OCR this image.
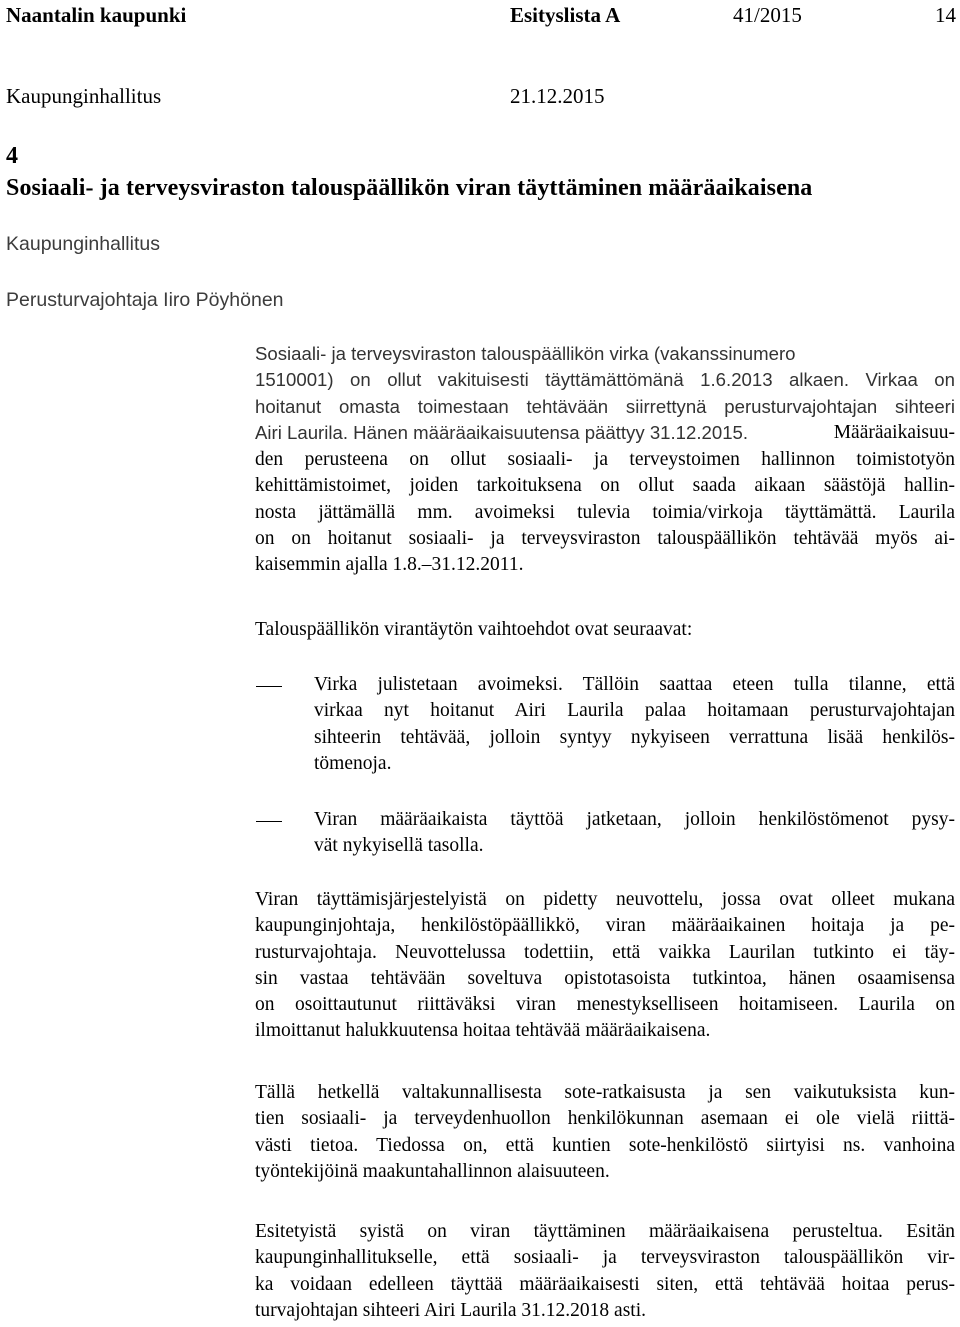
Naantalin kaupunki	Esityslista A	41/2015	14
Kaupunginhallitus	21.12.2015
4
Sosiaali- ja terveysviraston talouspäällikön viran täyttäminen määräaikaisena
Kaupunginhallitus
Perusturvajohtaja Iiro Pöyhönen
Sosiaali- ja terveysviraston talouspäällikön virka (vakanssinumero
1510001) on ollut vakituisesti täyttämättömänä 1.6.2013 alkaen. Virkaa on
hoitanut omasta toimestaan tehtävään siirrettynä perusturvajohtajan sihteeri
Airi Laurila. Hänen määräaikaisuutensa päättyy 31.12.2015.	Määräaikaisuu-
den perusteena on ollut sosiaali- ja terveystoimen hallinnon toimistotyön
kehittämistoimet, joiden tarkoituksena on ollut saada aikaan säästöjä hallin-
nosta jättämällä mm. avoimeksi tulevia toimia/virkoja täyttämättä. Laurila
on on hoitanut sosiaali- ja terveysviraston talouspäällikön tehtävää myös ai-
kaisemmin ajalla 1.8.–31.12.2011.
Talouspäällikön virantäytön vaihtoehdot ovat seuraavat:
Virka julistetaan avoimeksi. Tällöin saattaa eteen tulla tilanne, että
virkaa nyt hoitanut Airi Laurila palaa hoitamaan perusturvajohtajan
sihteerin tehtävää, jolloin syntyy nykyiseen verrattuna lisää henkilös-
tömenoja.
Viran määräaikaista täyttöä jatketaan, jolloin henkilöstömenot pysy-
vät nykyisellä tasolla.
Viran täyttämisjärjestelyistä on pidetty neuvottelu, jossa ovat olleet mukana
kaupunginjohtaja, henkilöstöpäällikkö, viran määräaikainen hoitaja ja pe-
rusturvajohtaja. Neuvottelussa todettiin, että vaikka Laurilan tutkinto ei täy-
sin vastaa tehtävään soveltuva opistotasoista tutkintoa, hänen osaamisensa
on osoittautunut riittäväksi viran menestykselliseen hoitamiseen. Laurila on
ilmoittanut halukkuutensa hoitaa tehtävää määräaikaisena.
Tällä hetkellä valtakunnallisesta sote-ratkaisusta ja sen vaikutuksista kun-
tien sosiaali- ja terveydenhuollon henkilökunnan asemaan ei ole vielä riittä-
västi tietoa. Tiedossa on, että kuntien sote-henkilöstö siirtyisi ns. vanhoina
työntekijöinä maakuntahallinnon alaisuuteen.
Esitetyistä syistä on viran täyttäminen määräaikaisena perusteltua. Esitän
kaupunginhallitukselle, että sosiaali- ja terveysviraston talouspäällikön vir-
ka voidaan edelleen täyttää määräaikaisesti siten, että tehtävää hoitaa perus-
turvajohtajan sihteeri Airi Laurila 31.12.2018 asti.
